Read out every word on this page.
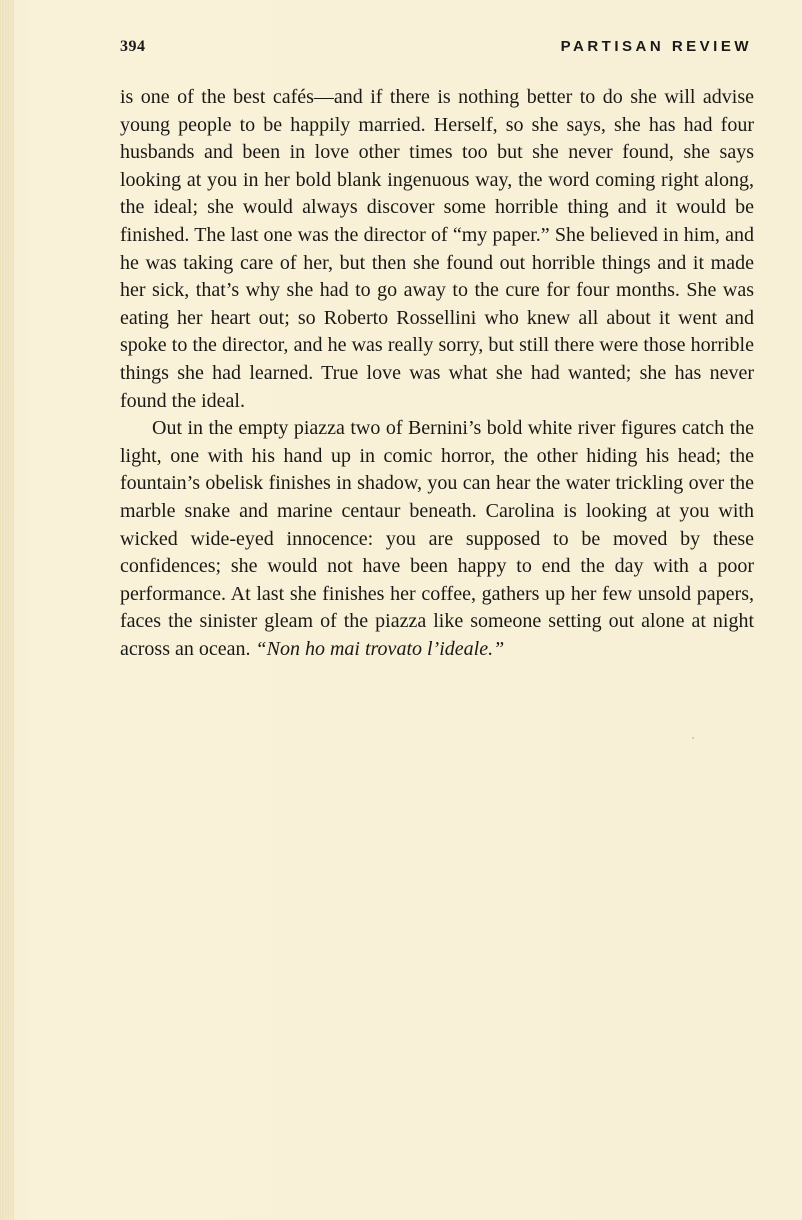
394	PARTISAN REVIEW

is one of the best cafés—and if there is nothing better to do she will advise young people to be happily married. Herself, so she says, she has had four husbands and been in love other times too but she never found, she says looking at you in her bold blank ingenuous way, the word coming right along, the ideal; she would always discover some horrible thing and it would be finished. The last one was the director of “my paper.” She believed in him, and he was taking care of her, but then she found out horrible things and it made her sick, that’s why she had to go away to the cure for four months. She was eating her heart out; so Roberto Rossellini who knew all about it went and spoke to the director, and he was really sorry, but still there were those horrible things she had learned. True love was what she had wanted; she has never found the ideal.

Out in the empty piazza two of Bernini’s bold white river figures catch the light, one with his hand up in comic horror, the other hiding his head; the fountain’s obelisk finishes in shadow, you can hear the water trickling over the marble snake and marine centaur beneath. Carolina is looking at you with wicked wide-eyed innocence: you are supposed to be moved by these confidences; she would not have been happy to end the day with a poor performance. At last she finishes her coffee, gathers up her few unsold papers, faces the sinister gleam of the piazza like someone setting out alone at night across an ocean. “Non ho mai trovato l’ideale.”
